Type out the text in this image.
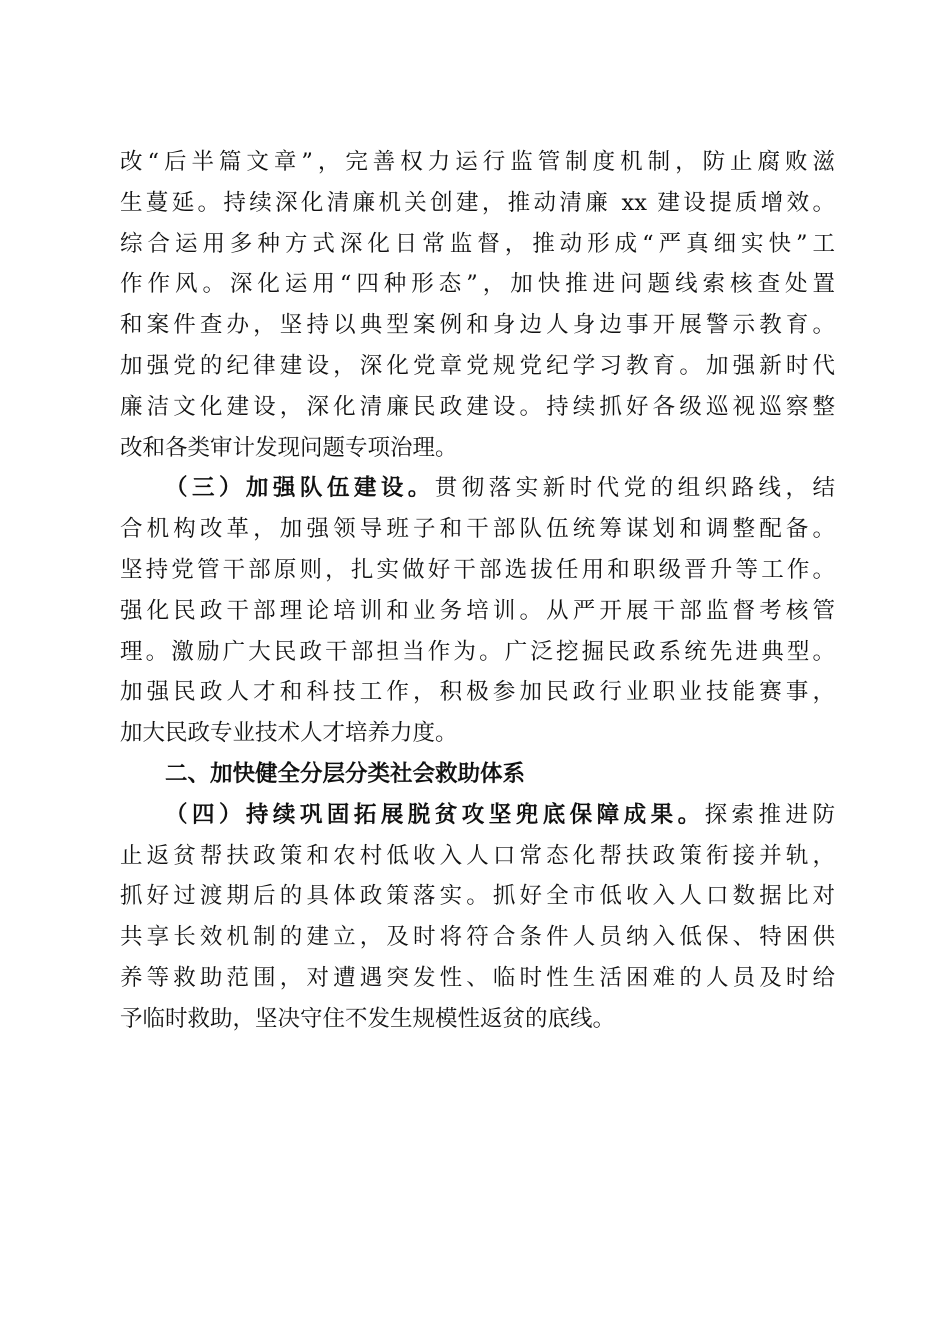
改“后半篇文章”，完善权力运行监管制度机制，防止腐败滋
生蔓延。持续深化清廉机关创建，推动清廉 xx 建设提质增效。
综合运用多种方式深化日常监督，推动形成“严真细实快”工
作作风。深化运用“四种形态”，加快推进问题线索核查处置
和案件查办，坚持以典型案例和身边人身边事开展警示教育。
加强党的纪律建设，深化党章党规党纪学习教育。加强新时代
廉洁文化建设，深化清廉民政建设。持续抓好各级巡视巡察整
改和各类审计发现问题专项治理。
（三）加强队伍建设。贯彻落实新时代党的组织路线，结
合机构改革，加强领导班子和干部队伍统筹谋划和调整配备。
坚持党管干部原则，扎实做好干部选拔任用和职级晋升等工作。
强化民政干部理论培训和业务培训。从严开展干部监督考核管
理。激励广大民政干部担当作为。广泛挖掘民政系统先进典型。
加强民政人才和科技工作，积极参加民政行业职业技能赛事，
加大民政专业技术人才培养力度。
二、加快健全分层分类社会救助体系
（四）持续巩固拓展脱贫攻坚兜底保障成果。探索推进防
止返贫帮扶政策和农村低收入人口常态化帮扶政策衔接并轨，
抓好过渡期后的具体政策落实。抓好全市低收入人口数据比对
共享长效机制的建立，及时将符合条件人员纳入低保、特困供
养等救助范围，对遭遇突发性、临时性生活困难的人员及时给
予临时救助，坚决守住不发生规模性返贫的底线。
